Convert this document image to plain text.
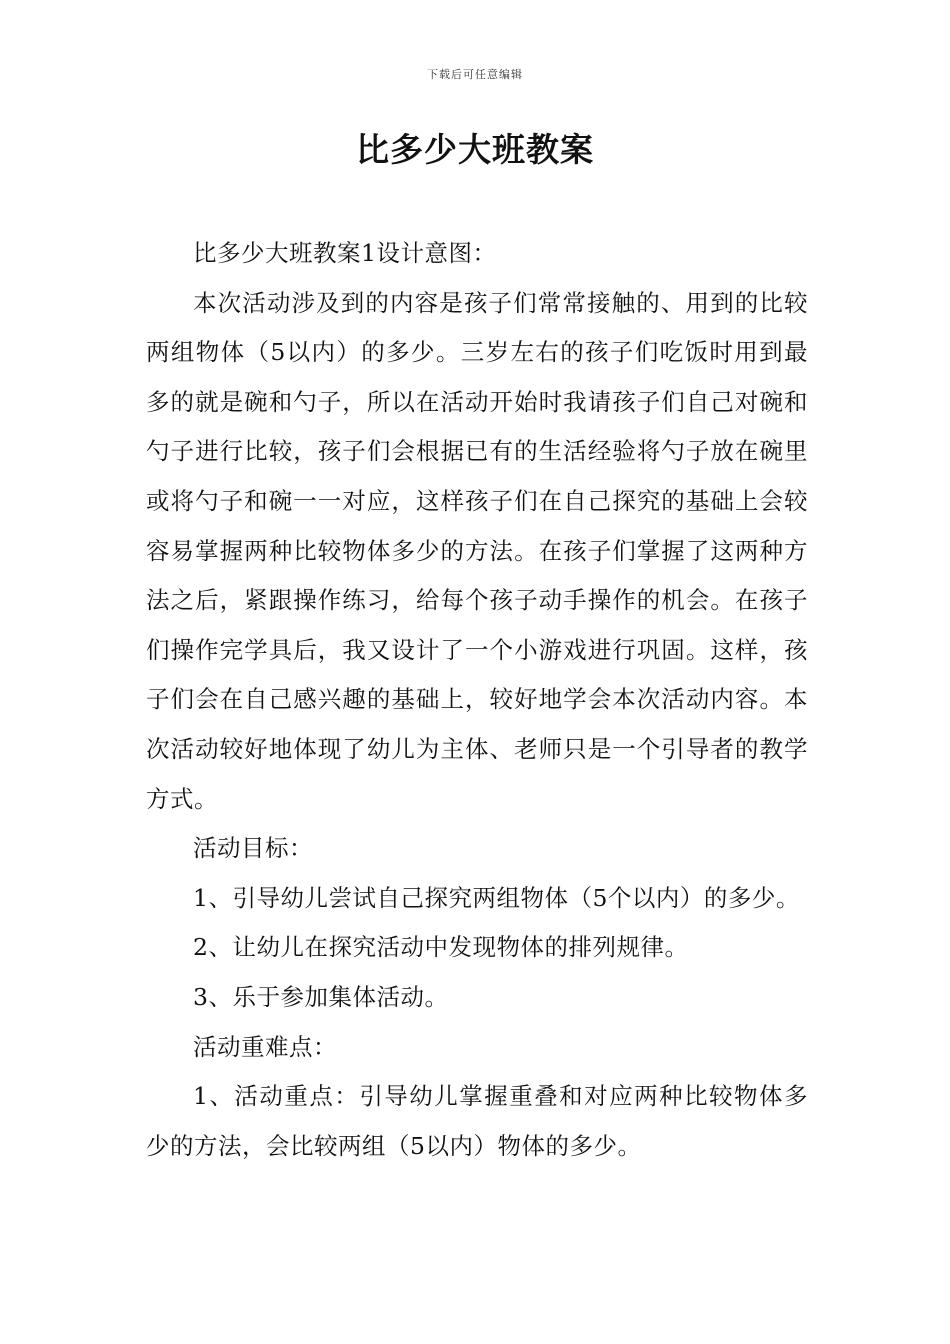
下载后可任意编辑
比多少大班教案

比多少大班教案1设计意图：

本次活动涉及到的内容是孩子们常常接触的、用到的比较两组物体（5以内）的多少。三岁左右的孩子们吃饭时用到最多的就是碗和勺子，所以在活动开始时我请孩子们自己对碗和勺子进行比较，孩子们会根据已有的生活经验将勺子放在碗里或将勺子和碗一一对应，这样孩子们在自己探究的基础上会较容易掌握两种比较物体多少的方法。在孩子们掌握了这两种方法之后，紧跟操作练习，给每个孩子动手操作的机会。在孩子们操作完学具后，我又设计了一个小游戏进行巩固。这样，孩子们会在自己感兴趣的基础上，较好地学会本次活动内容。本次活动较好地体现了幼儿为主体、老师只是一个引导者的教学方式。

活动目标：

1、引导幼儿尝试自己探究两组物体（5个以内）的多少。

2、让幼儿在探究活动中发现物体的排列规律。

3、乐于参加集体活动。

活动重难点：

1、活动重点：引导幼儿掌握重叠和对应两种比较物体多少的方法，会比较两组（5以内）物体的多少。
